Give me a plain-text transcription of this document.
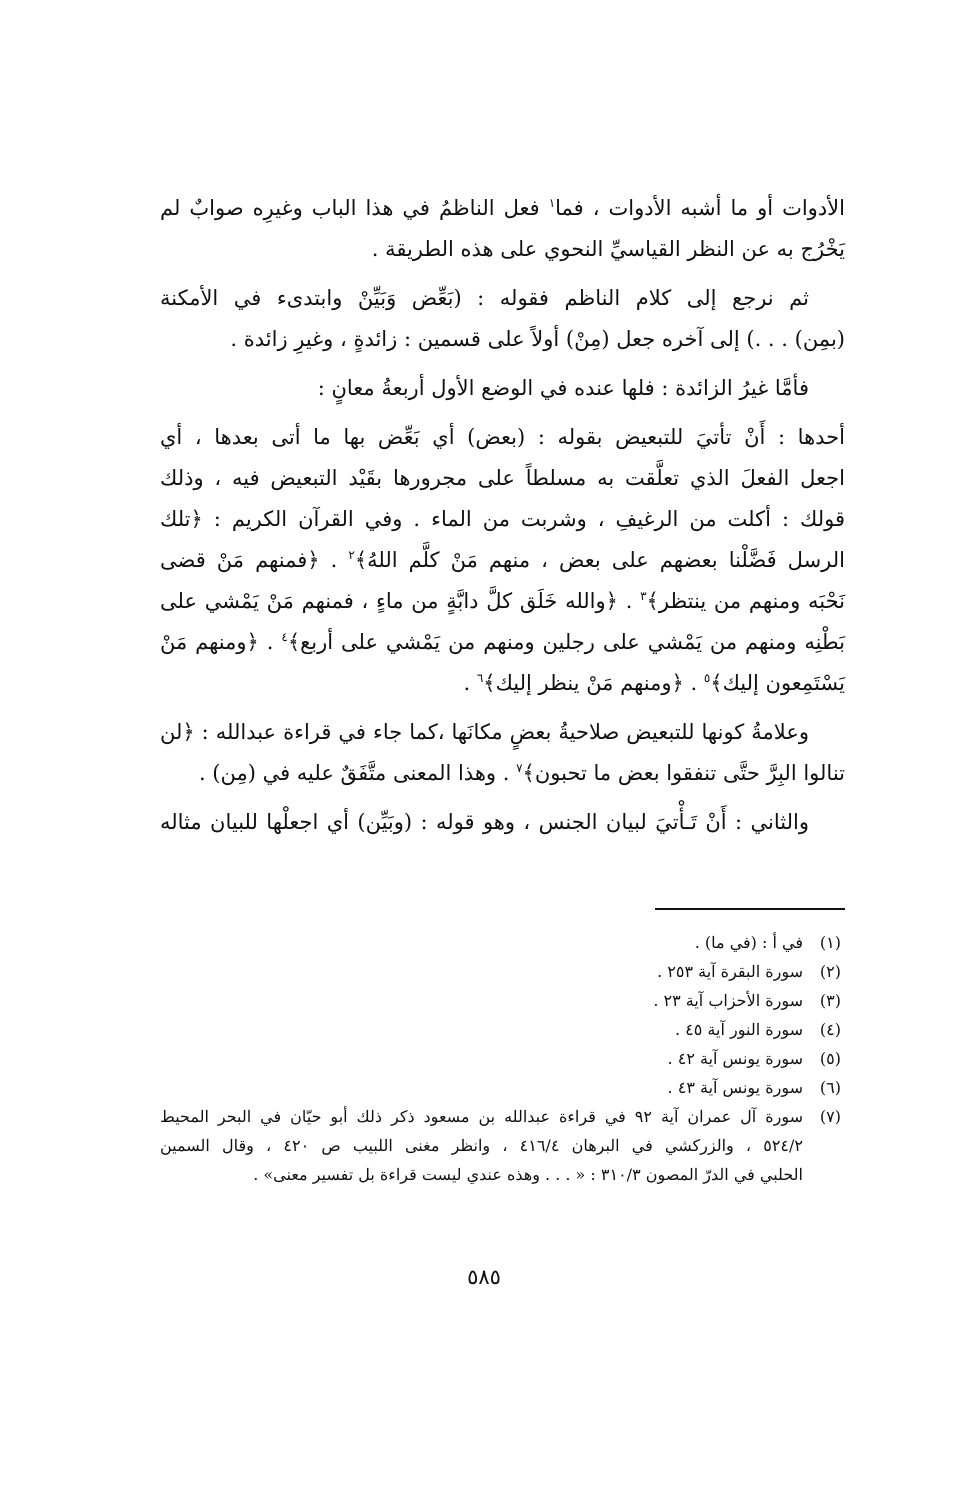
الأدوات أو ما أشبه الأدوات ، فما$^١$ فعل الناظمُ في هذا الباب وغيرِه صوابٌ لم
يَخْرُج به عن النظر القياسيِّ النحوي على هذه الطريقة .
ثم نرجع إلى كلام الناظم فقوله : (بَعِّض وَبَيِّنْ وابتدىء في الأمكنة
(بمِن) . . .) إلى آخره جعل (مِنْ) أولاً على قسمين : زائدةٍ ، وغيرِ زائدة .
فأمَّا غيرُ الزائدة : فلها عنده في الوضع الأول أربعةُ معانٍ :
أحدها : أَنْ تأتيَ للتبعيض بقوله : (بعض) أي بَعِّض بها ما أتى بعدها ، أي
اجعل الفعلَ الذي تعلَّقت به مسلطاً على مجرورها بقَيْد التبعيض فيه ، وذلك
قولك : أكلت من الرغيفِ ، وشربت من الماء . وفي القرآن الكريم : ﴿تلك
الرسل فَضَّلْنا بعضهم على بعض ، منهم مَنْ كلَّم اللهُ﴾$^٢$ . ﴿فمنهم مَنْ قضى
نَحْبَه ومنهم من ينتظر﴾$^٣$ . ﴿والله خَلَق كلَّ دابَّةٍ من ماءٍ ، فمنهم مَنْ يَمْشي على
بَطْنِه ومنهم من يَمْشي على رجلين ومنهم من يَمْشي على أربع﴾$^٤$ . ﴿ومنهم مَنْ
يَسْتَمِعون إليك﴾$^٥$ . ﴿ومنهم مَنْ ينظر إليك﴾$^٦$ .
وعلامةُ كونها للتبعيض صلاحيةُ بعضٍ مكانَها ،كما جاء في قراءة عبدالله : ﴿لن
تنالوا البِرَّ حتَّى تنفقوا بعض ما تحبون﴾$^٧$ . وهذا المعنى متَّفَقٌ عليه في (مِن) .
والثاني : أَنْ تَـأْتيَ لبيان الجنس ، وهو قوله : (وبَيِّن) أي اجعلْها للبيان مثاله
(١)
في أ : (في ما) .
(٢)
سورة البقرة آية ٢٥٣ .
(٣)
سورة الأحزاب آية ٢٣ .
(٤)
سورة النور آية ٤٥ .
(٥)
سورة يونس آية ٤٢ .
(٦)
سورة يونس آية ٤٣ .
(٧)
سورة آل عمران آية ٩٢ في قراءة عبدالله بن مسعود ذكر ذلك أبو حيّان في البحر المحيط
٥٢٤/٢ ، والزركشي في البرهان ٤١٦/٤ ، وانظر مغنى اللبيب ص ٤٢٠ ، وقال السمين
الحلبي في الدرّ المصون ٣١٠/٣ : « . . . وهذه عندي ليست قراءة بل تفسير معنى» .
٥٨٥
